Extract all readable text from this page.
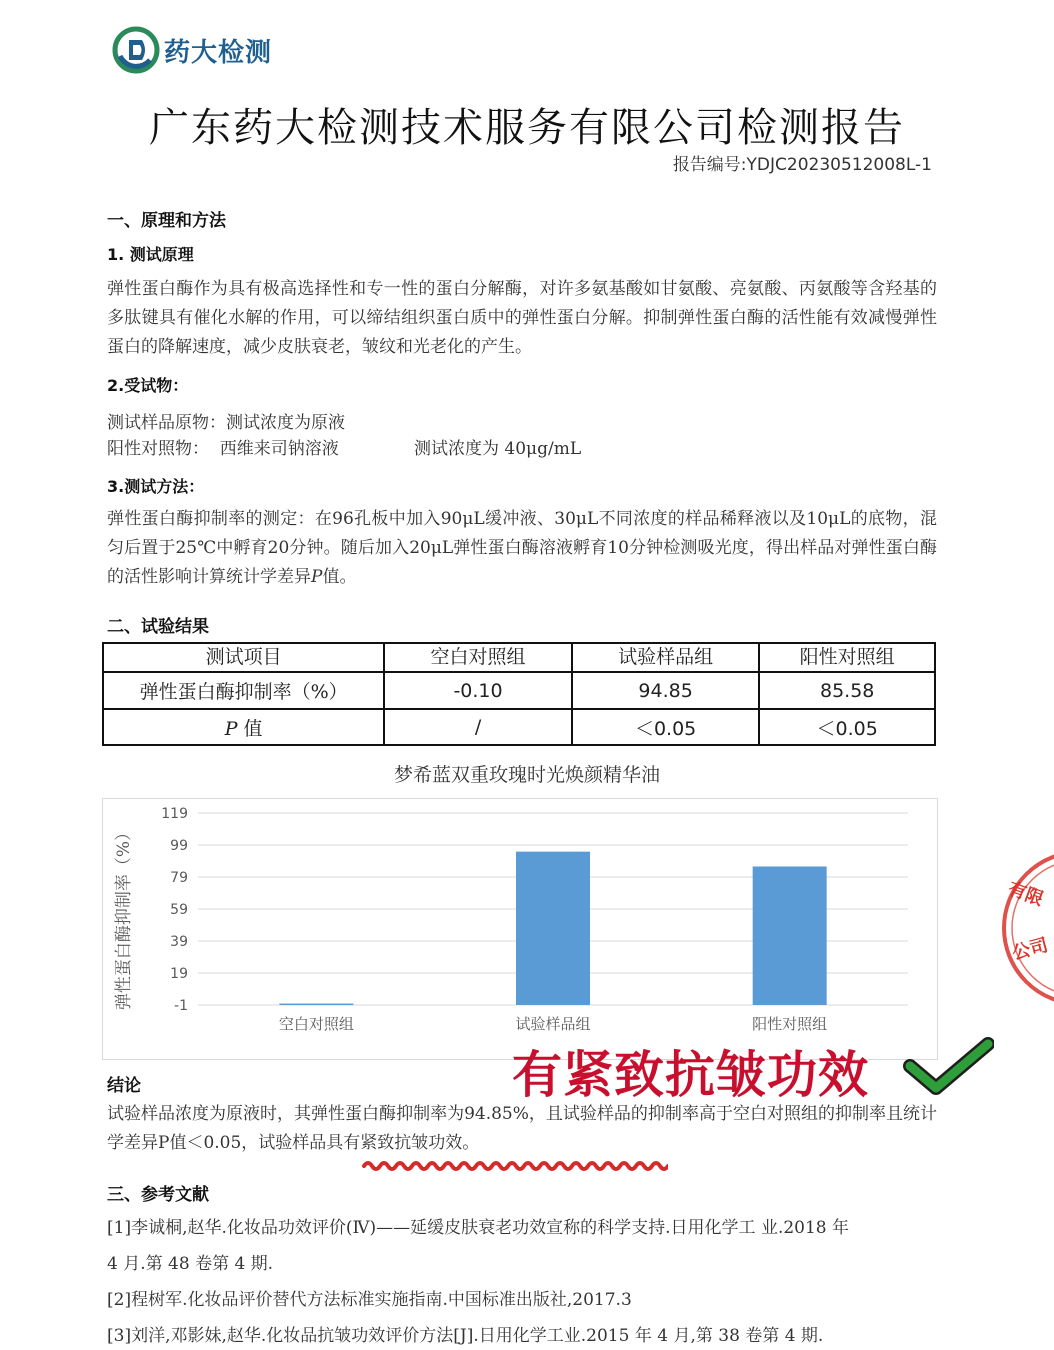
药大检测
广东药大检测技术服务有限公司检测报告
报告编号:YDJC20230512008L-1
一、原理和方法
1. 测试原理
弹性蛋白酶作为具有极高选择性和专一性的蛋白分解酶，对许多氨基酸如甘氨酸、亮氨酸、丙氨酸等含羟基的多肽键具有催化水解的作用，可以缔结组织蛋白质中的弹性蛋白分解。抑制弹性蛋白酶的活性能有效减慢弹性蛋白的降解速度，减少皮肤衰老，皱纹和光老化的产生。
2.受试物：
测试样品原物：测试浓度为原液
阳性对照物：  西维来司钠溶液	测试浓度为 40μg/mL
3.测试方法：
弹性蛋白酶抑制率的测定：在96孔板中加入90μL缓冲液、30μL不同浓度的样品稀释液以及10μL的底物，混匀后置于25℃中孵育20分钟。随后加入20μL弹性蛋白酶溶液孵育10分钟检测吸光度，得出样品对弹性蛋白酶的活性影响计算统计学差异P值。
二、试验结果
测试项目	空白对照组	试验样品组	阳性对照组
弹性蛋白酶抑制率（%）	-0.10	94.85	85.58
P 值	/	＜0.05	＜0.05
梦希蓝双重玫瑰时光焕颜精华油
119
99
79
59
39
19
-1
空白对照组	试验样品组	阳性对照组
弹性蛋白酶抑制率（%）	有限
公司
有紧致抗皱功效
结论
试验样品浓度为原液时，其弹性蛋白酶抑制率为94.85%，且试验样品的抑制率高于空白对照组的抑制率且统计学差异P值＜0.05，试验样品具有紧致抗皱功效。
三、参考文献
[1]李诚桐,赵华.化妆品功效评价(Ⅳ)——延缓皮肤衰老功效宣称的科学支持.日用化学工 业.2018 年
4 月.第 48 卷第 4 期.
[2]程树军.化妆品评价替代方法标准实施指南.中国标准出版社,2017.3
[3]刘洋,邓影妹,赵华.化妆品抗皱功效评价方法[J].日用化学工业.2015 年 4 月,第 38 卷第 4 期.
